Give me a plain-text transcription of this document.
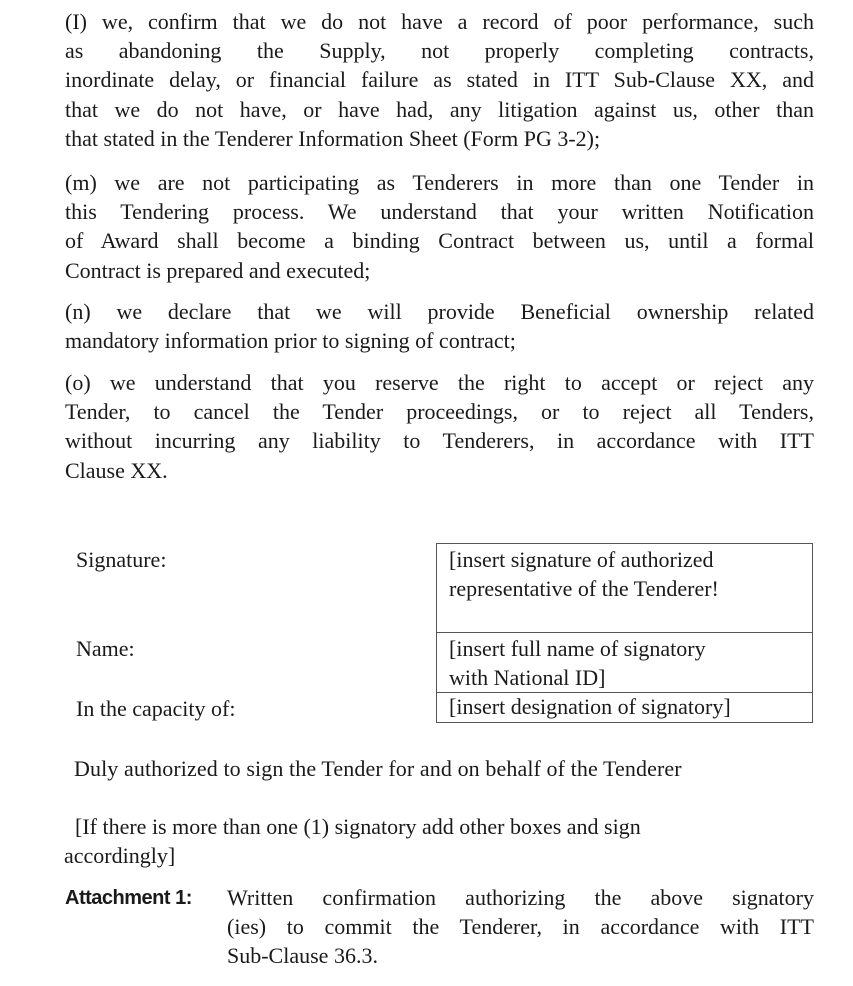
(I) we, confirm that we do not have a record of poor performance, such
as abandoning the Supply, not properly completing contracts,
inordinate delay, or financial failure as stated in ITT Sub-Clause XX, and
that we do not have, or have had, any litigation against us, other than
that stated in the Tenderer Information Sheet (Form PG 3-2);
(m) we are not participating as Tenderers in more than one Tender in
this Tendering process. We understand that your written Notification
of Award shall become a binding Contract between us, until a formal
Contract is prepared and executed;
(n) we declare that we will provide Beneficial ownership related
mandatory information prior to signing of contract;
(o) we understand that you reserve the right to accept or reject any
Tender, to cancel the Tender proceedings, or to reject all Tenders,
without incurring any liability to Tenderers, in accordance with ITT
Clause XX.
Signature:
Name:
In the capacity of:
[insert signature of authorized
representative of the Tenderer!
[insert full name of signatory
with National ID]
[insert designation of signatory]
Duly authorized to sign the Tender for and on behalf of the Tenderer
[If there is more than one (1) signatory add other boxes and sign
accordingly]
Attachment 1: Written confirmation authorizing the above signatory
(ies) to commit the Tenderer, in accordance with ITT
Sub-Clause 36.3.
